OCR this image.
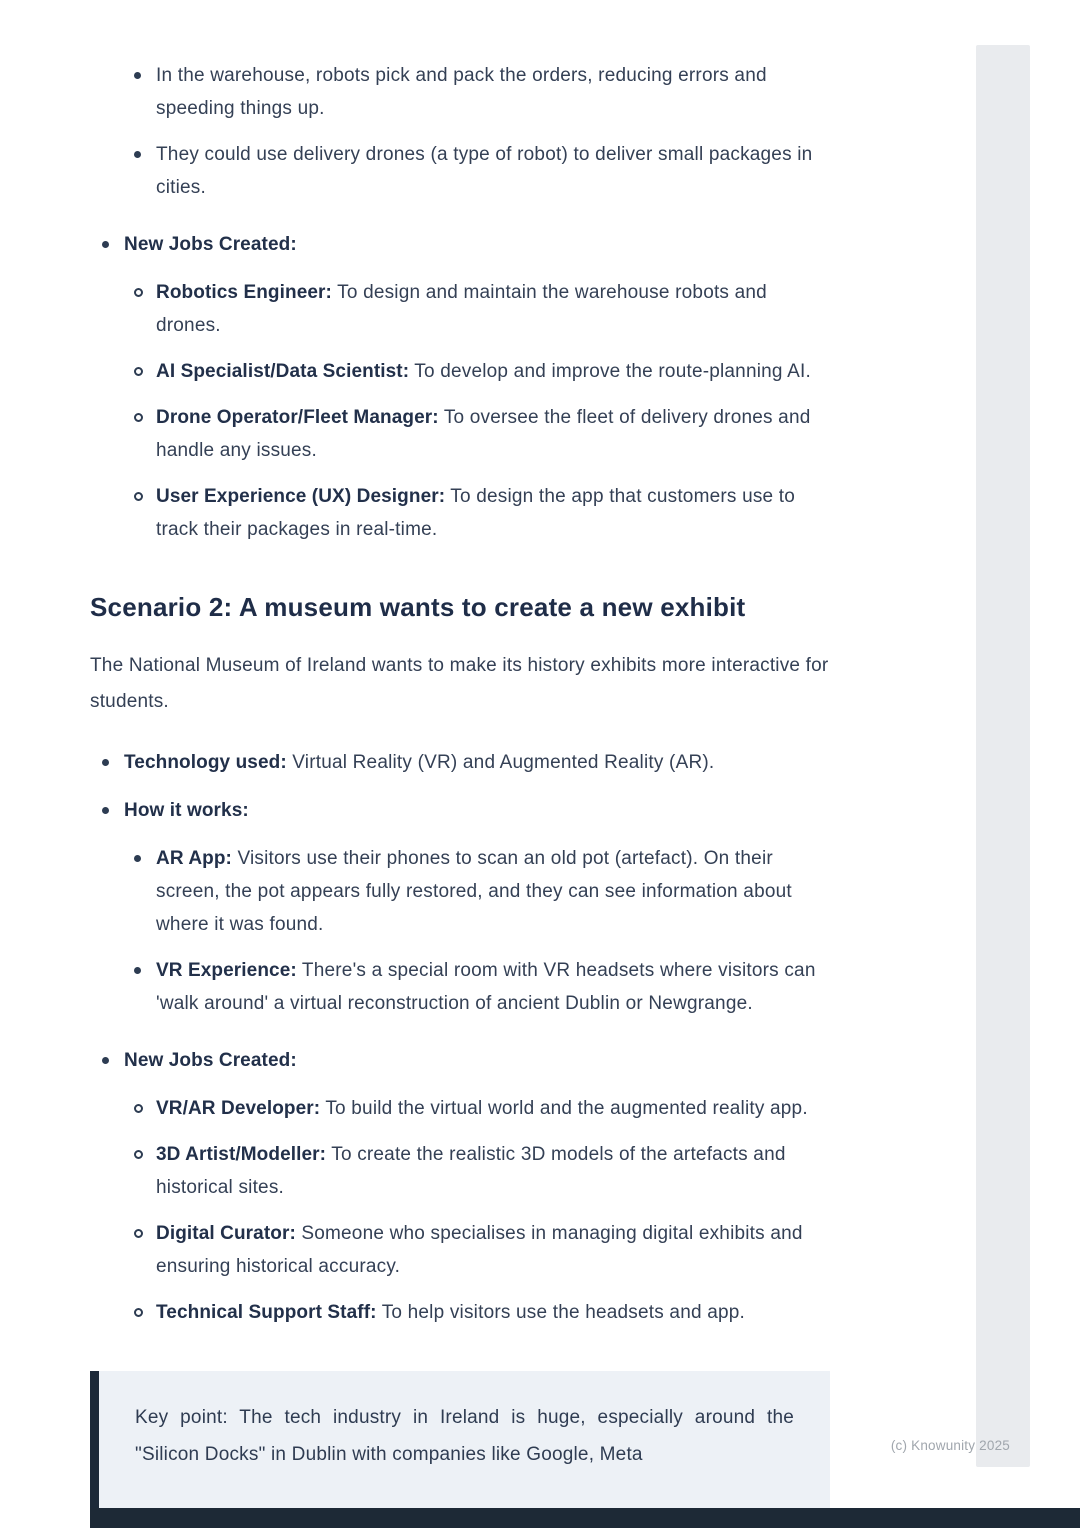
In the warehouse, robots pick and pack the orders, reducing errors and speeding things up.
They could use delivery drones (a type of robot) to deliver small packages in cities.
New Jobs Created:
Robotics Engineer: To design and maintain the warehouse robots and drones.
AI Specialist/Data Scientist: To develop and improve the route-planning AI.
Drone Operator/Fleet Manager: To oversee the fleet of delivery drones and handle any issues.
User Experience (UX) Designer: To design the app that customers use to track their packages in real-time.
Scenario 2: A museum wants to create a new exhibit

The National Museum of Ireland wants to make its history exhibits more interactive for students.

Technology used: Virtual Reality (VR) and Augmented Reality (AR).
How it works:
AR App: Visitors use their phones to scan an old pot (artefact). On their screen, the pot appears fully restored, and they can see information about where it was found.
VR Experience: There's a special room with VR headsets where visitors can 'walk around' a virtual reconstruction of ancient Dublin or Newgrange.
New Jobs Created:
VR/AR Developer: To build the virtual world and the augmented reality app.
3D Artist/Modeller: To create the realistic 3D models of the artefacts and historical sites.
Digital Curator: Someone who specialises in managing digital exhibits and ensuring historical accuracy.
Technical Support Staff: To help visitors use the headsets and app.
Key point: The tech industry in Ireland is huge, especially around the "Silicon Docks" in Dublin with companies like Google, Meta	(c) Knowunity 2025
